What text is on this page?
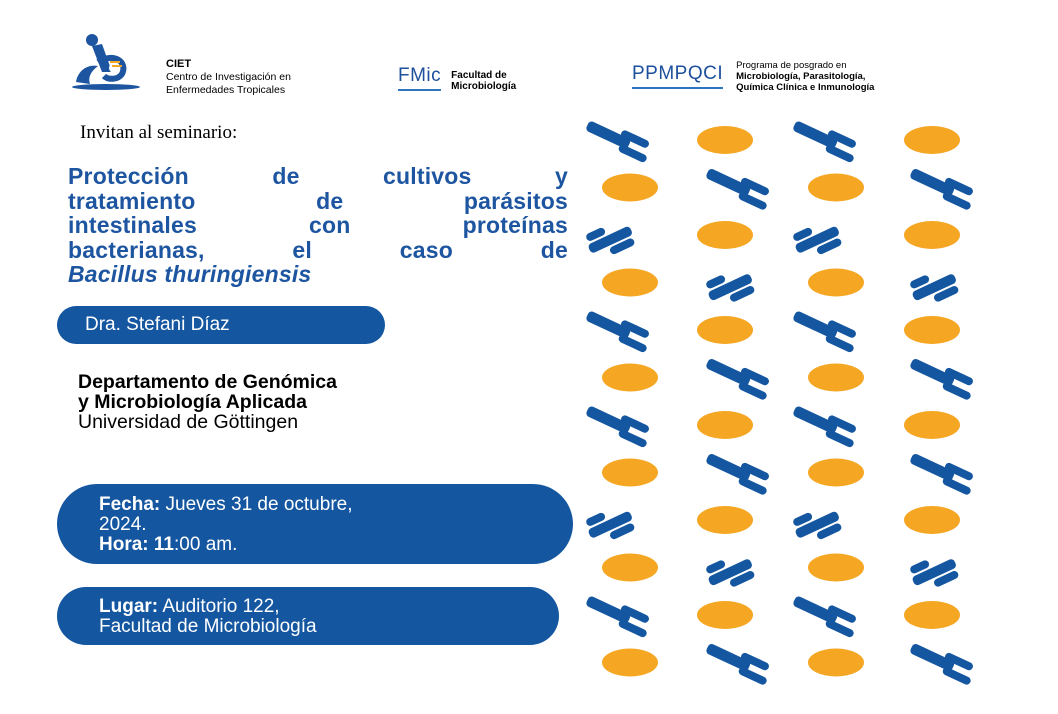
CIET
Centro de Investigación en
Enfermedades Tropicales
FMic Facultad de
Microbiología
PPMPQCI Programa de posgrado en
Microbiología, Parasitología,
Química Clínica e Inmunología
Invitan al seminario:
Protección de cultivos y
tratamiento de parásitos
intestinales con proteínas
bacterianas, el caso de
Bacillus thuringiensis
Dra. Stefani Díaz
Departamento de Genómica
y Microbiología Aplicada
Universidad de Göttingen
Fecha: Jueves 31 de octubre,
2024.
Hora: 11:00 am.
Lugar: Auditorio 122,
Facultad de Microbiología
